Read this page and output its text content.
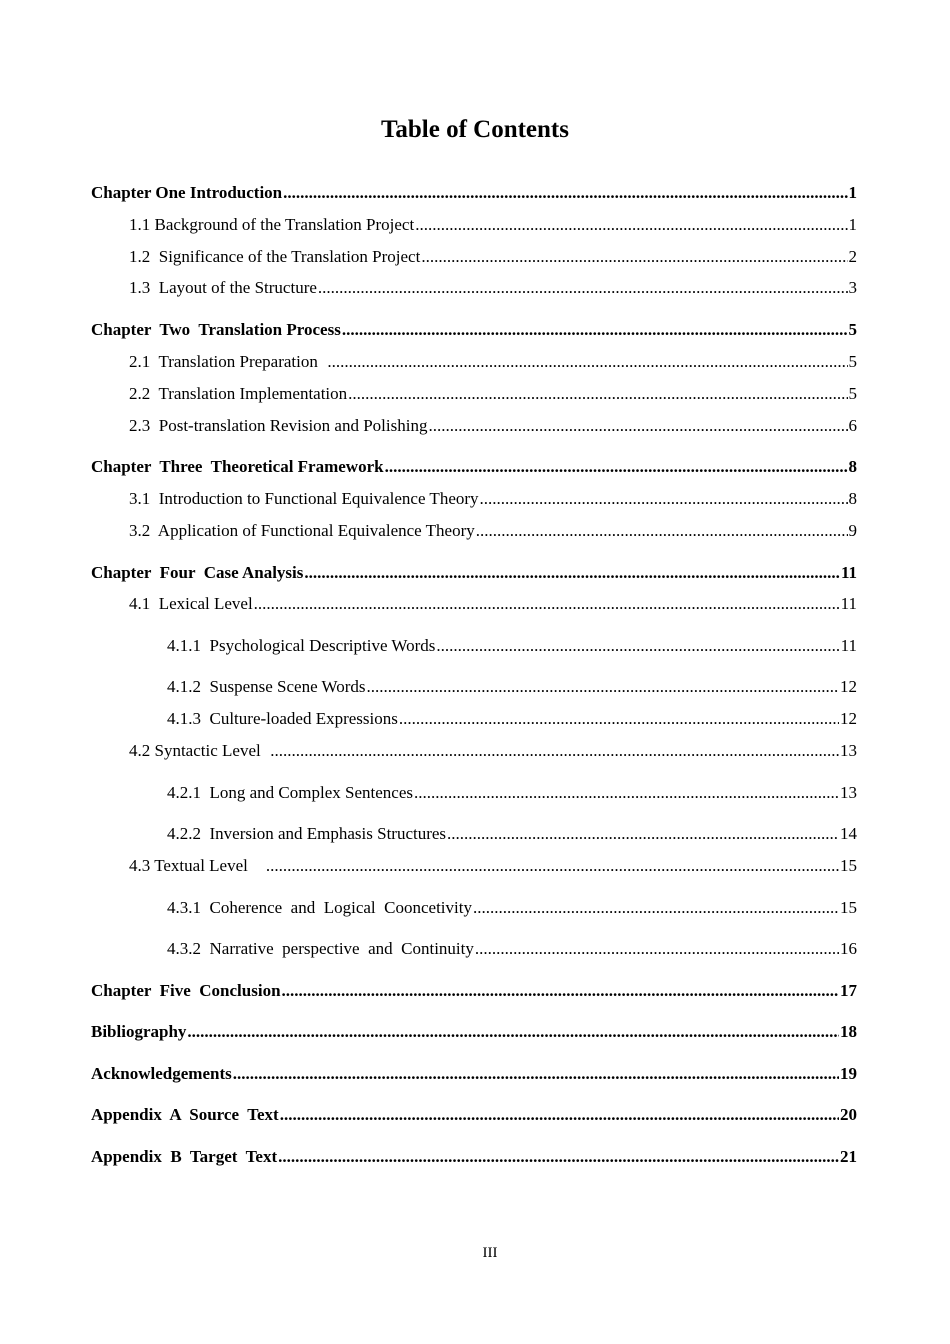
Table of Contents
Chapter One Introduction .....	1
1.1 Background of the Translation Project .....	1
1.2  Significance of the Translation Project .....	2
1.3  Layout of the Structure .....	3
Chapter  Two  Translation Process .....	5
2.1  Translation Preparation .....	5
2.2  Translation Implementation .....	5
2.3  Post-translation Revision and Polishing .....	6
Chapter  Three  Theoretical Framework .....	8
3.1  Introduction to Functional Equivalence Theory .....	8
3.2  Application of Functional Equivalence Theory .....	9
Chapter  Four  Case Analysis .....	11
4.1  Lexical Level .....	11
4.1.1  Psychological Descriptive Words .....	11
4.1.2  Suspense Scene Words .....	12
4.1.3  Culture-loaded Expressions .....	12
4.2 Syntactic Level .....	13
4.2.1  Long and Complex Sentences .....	13
4.2.2  Inversion and Emphasis Structures .....	14
4.3 Textual Level .....	15
4.3.1  Coherence  and  Logical  Cooncetivity .....	15
4.3.2  Narrative  perspective  and  Continuity .....	16
Chapter  Five  Conclusion .....	17
Bibliography .....	18
Acknowledgements .....	19
Appendix  A  Source  Text .....	20
Appendix  B  Target  Text .....	21
III
